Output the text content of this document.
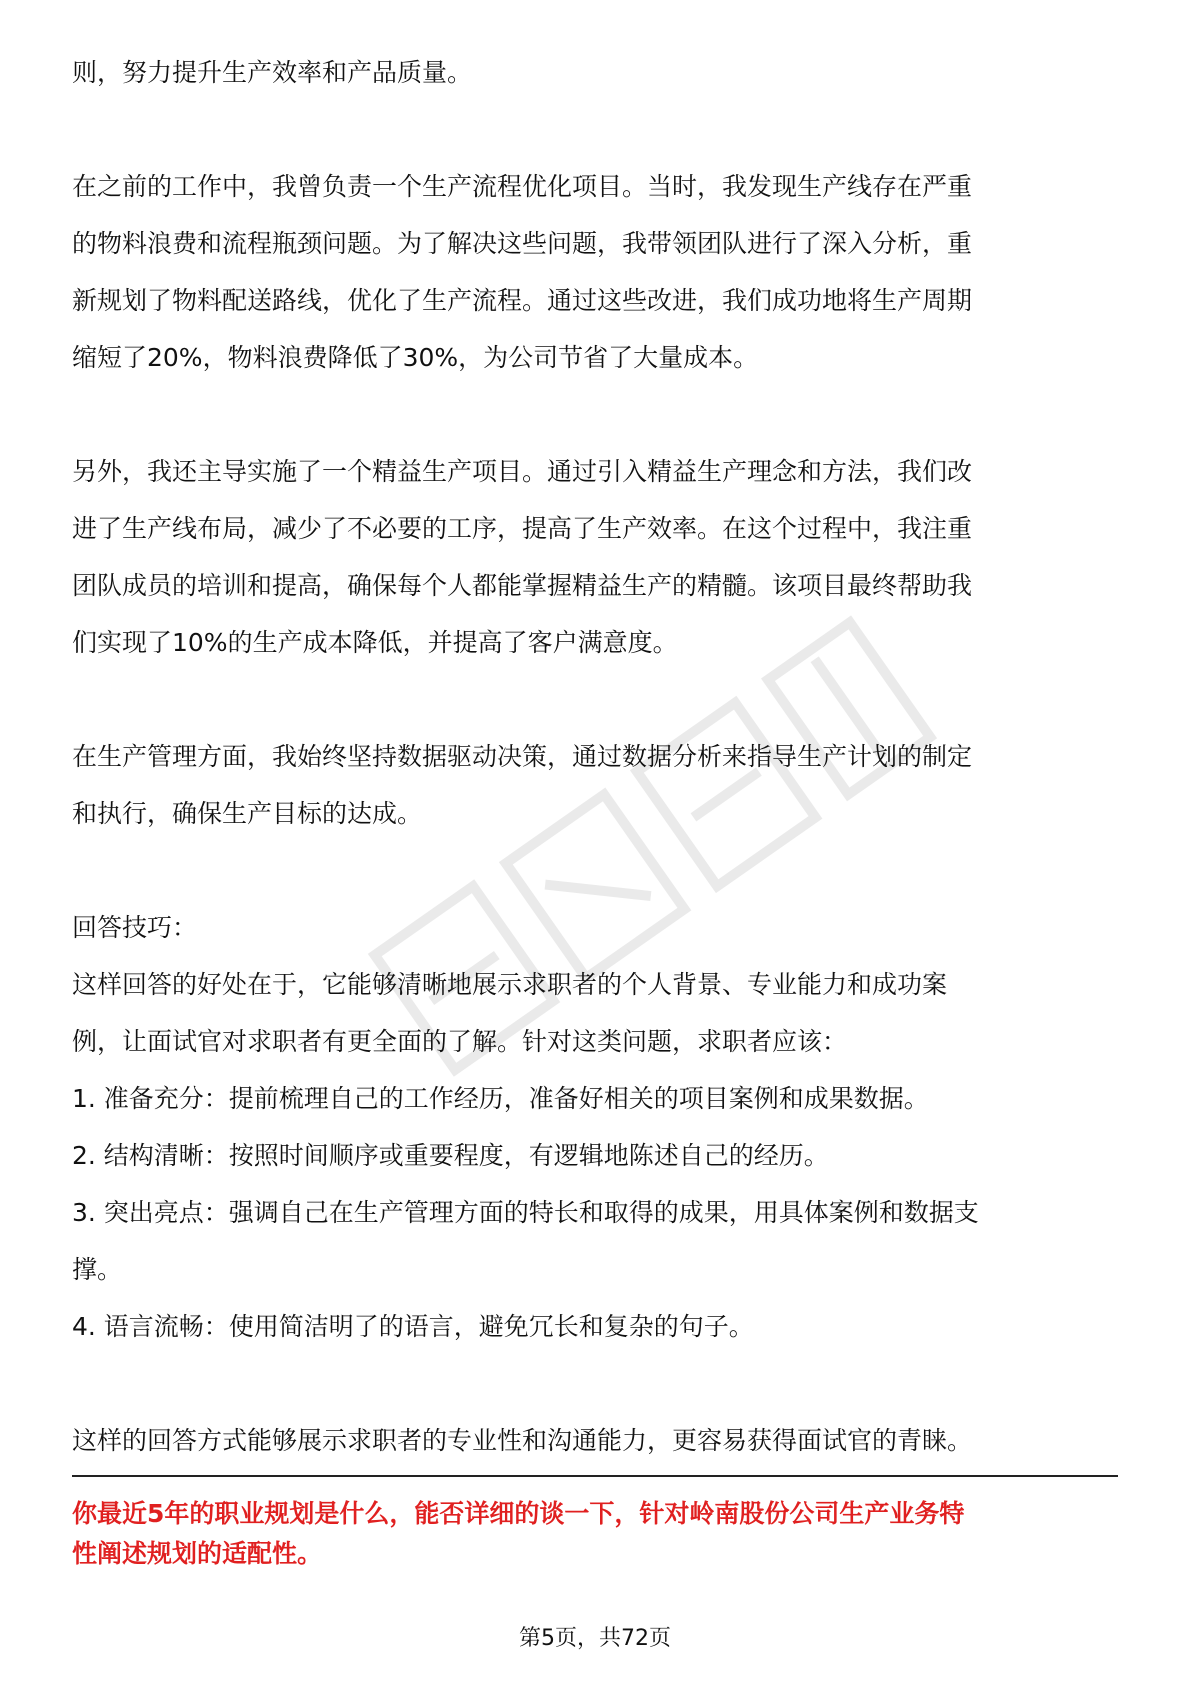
则，努力提升生产效率和产品质量。

在之前的工作中，我曾负责一个生产流程优化项目。当时，我发现生产线存在严重

的物料浪费和流程瓶颈问题。为了解决这些问题，我带领团队进行了深入分析，重

新规划了物料配送路线，优化了生产流程。通过这些改进，我们成功地将生产周期

缩短了20%，物料浪费降低了30%，为公司节省了大量成本。

另外，我还主导实施了一个精益生产项目。通过引入精益生产理念和方法，我们改

进了生产线布局，减少了不必要的工序，提高了生产效率。在这个过程中，我注重

团队成员的培训和提高，确保每个人都能掌握精益生产的精髓。该项目最终帮助我

们实现了10%的生产成本降低，并提高了客户满意度。

在生产管理方面，我始终坚持数据驱动决策，通过数据分析来指导生产计划的制定

和执行，确保生产目标的达成。

回答技巧：

这样回答的好处在于，它能够清晰地展示求职者的个人背景、专业能力和成功案

例，让面试官对求职者有更全面的了解。针对这类问题，求职者应该：

1. 准备充分：提前梳理自己的工作经历，准备好相关的项目案例和成果数据。

2. 结构清晰：按照时间顺序或重要程度，有逻辑地陈述自己的经历。

3. 突出亮点：强调自己在生产管理方面的特长和取得的成果，用具体案例和数据支

撑。

4. 语言流畅：使用简洁明了的语言，避免冗长和复杂的句子。

这样的回答方式能够展示求职者的专业性和沟通能力，更容易获得面试官的青睐。

你最近5年的职业规划是什么，能否详细的谈一下，针对岭南股份公司生产业务特

性阐述规划的适配性。

第5页，共72页
